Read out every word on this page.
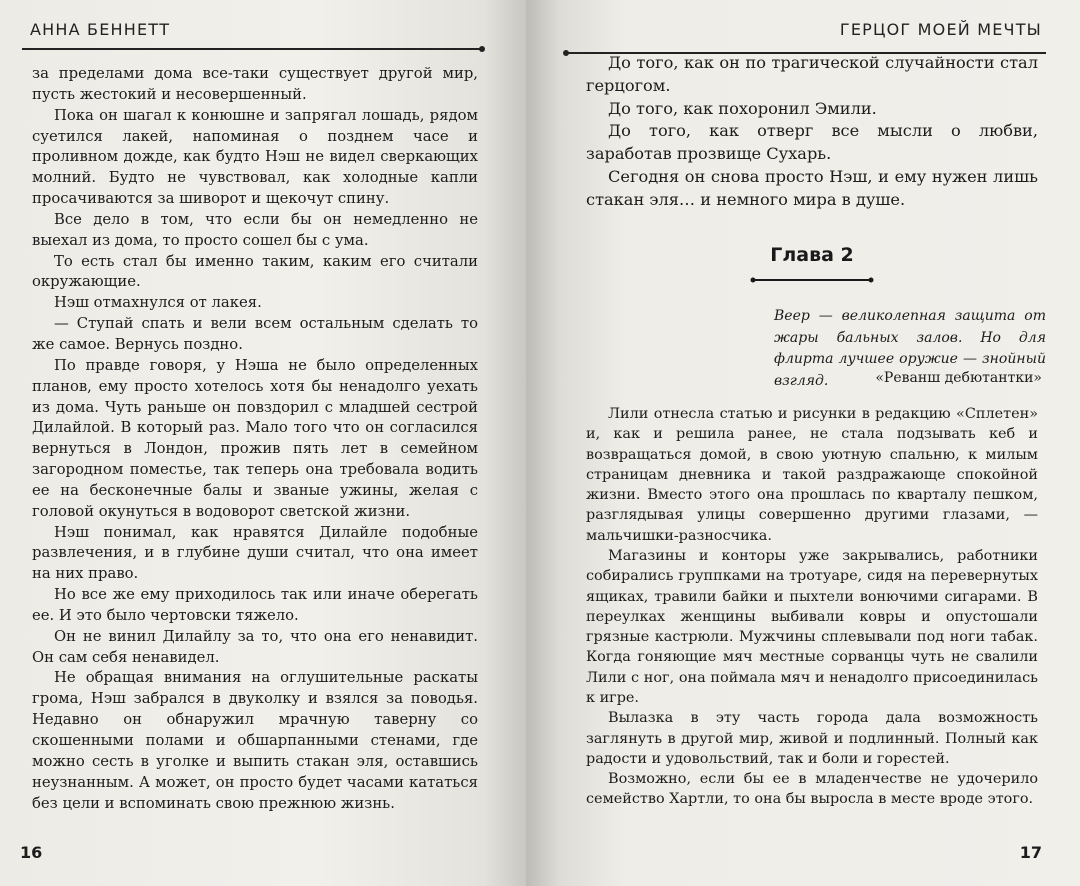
АННА БЕННЕТТ

за пределами дома все-таки существует другой мир, пусть жестокий и несовершенный.

Пока он шагал к конюшне и запрягал лошадь, рядом суетился лакей, напоминая о позднем часе и проливном дожде, как будто Нэш не видел сверкающих молний. Будто не чувствовал, как холодные капли просачиваются за шиворот и щекочут спину.

Все дело в том, что если бы он немедленно не выехал из дома, то просто сошел бы с ума.

То есть стал бы именно таким, каким его считали окружающие.

Нэш отмахнулся от лакея.

— Ступай спать и вели всем остальным сделать то же самое. Вернусь поздно.

По правде говоря, у Нэша не было определенных планов, ему просто хотелось хотя бы ненадолго уехать из дома. Чуть раньше он повздорил с младшей сестрой Дилайлой. В который раз. Мало того что он согласился вернуться в Лондон, прожив пять лет в семейном загородном поместье, так теперь она требовала водить ее на бесконечные балы и званые ужины, желая с головой окунуться в водоворот светской жизни.

Нэш понимал, как нравятся Дилайле подобные развлечения, и в глубине души считал, что она имеет на них право.

Но все же ему приходилось так или иначе оберегать ее. И это было чертовски тяжело.

Он не винил Дилайлу за то, что она его ненавидит. Он сам себя ненавидел.

Не обращая внимания на оглушительные раскаты грома, Нэш забрался в двуколку и взялся за поводья. Недавно он обнаружил мрачную таверну со скошенными полами и обшарпанными стенами, где можно сесть в уголке и выпить стакан эля, оставшись неузнанным. А может, он просто будет часами кататься без цели и вспоминать свою прежнюю жизнь.

16
ГЕРЦОГ МОЕЙ МЕЧТЫ

До того, как он по трагической случайности стал герцогом.

До того, как похоронил Эмили.

До того, как отверг все мысли о любви, заработав прозвище Сухарь.

Сегодня он снова просто Нэш, и ему нужен лишь стакан эля… и немного мира в душе.

Глава 2
Веер — великолепная защита от жары бальных залов. Но для флирта лучшее оружие — знойный взгляд.	«Реванш дебютантки»

Лили отнесла статью и рисунки в редакцию «Сплетен» и, как и решила ранее, не стала подзывать кеб и возвращаться домой, в свою уютную спальню, к милым страницам дневника и такой раздражающе спокойной жизни. Вместо этого она прошлась по кварталу пешком, разглядывая улицы совершенно другими глазами, — мальчишки-разносчика.

Магазины и конторы уже закрывались, работники собирались группками на тротуаре, сидя на перевернутых ящиках, травили байки и пыхтели вонючими сигарами. В переулках женщины выбивали ковры и опустошали грязные кастрюли. Мужчины сплевывали под ноги табак. Когда гоняющие мяч местные сорванцы чуть не свалили Лили с ног, она поймала мяч и ненадолго присоединилась к игре.

Вылазка в эту часть города дала возможность заглянуть в другой мир, живой и подлинный. Полный как радости и удовольствий, так и боли и горестей.

Возможно, если бы ее в младенчестве не удочерило семейство Хартли, то она бы выросла в месте вроде этого.

17
